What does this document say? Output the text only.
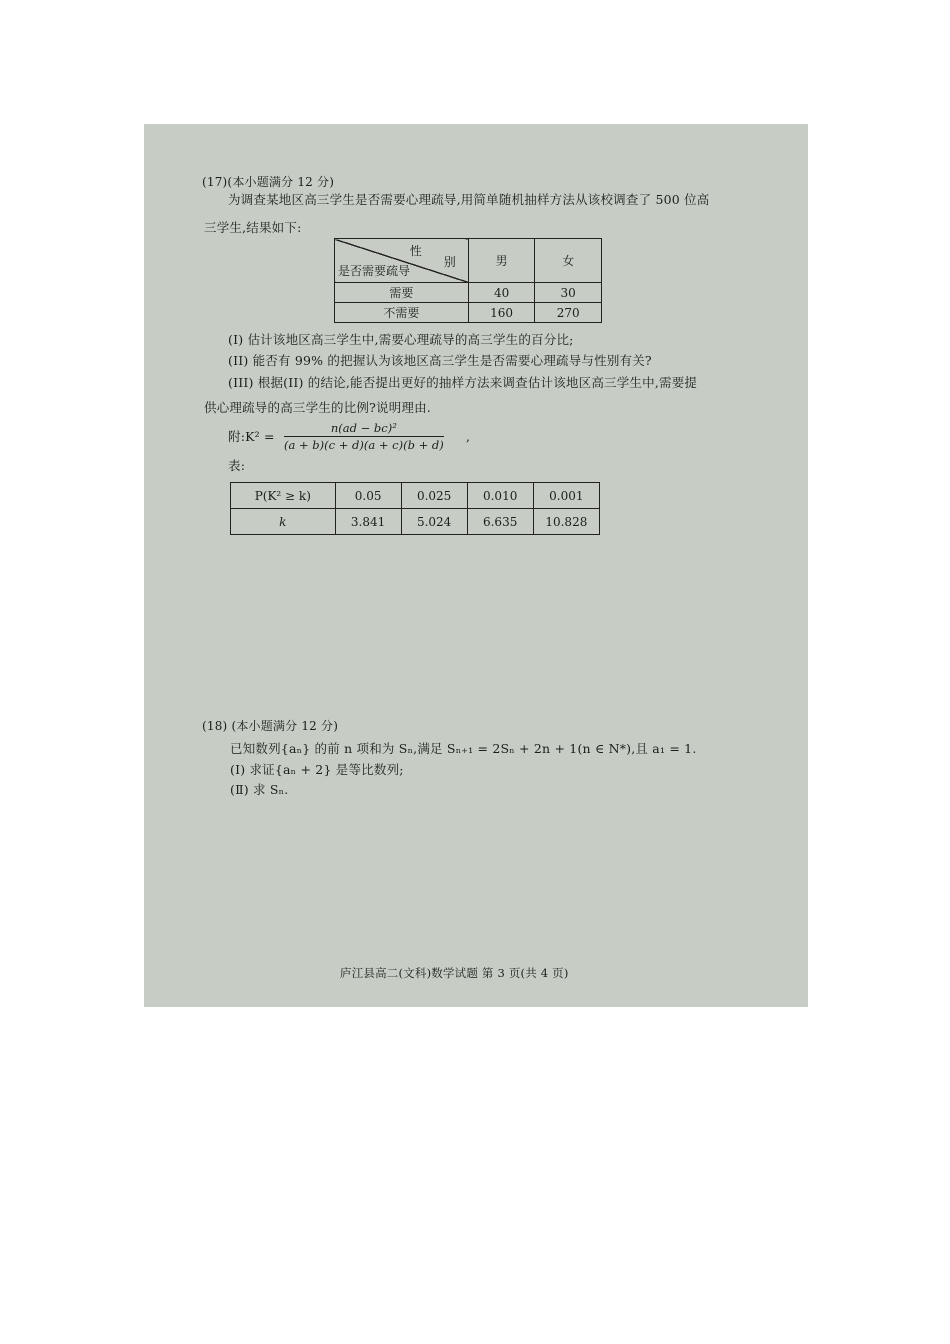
(17)(本小题满分 12 分)
为调查某地区高三学生是否需要心理疏导,用简单随机抽样方法从该校调查了 500 位高
三学生,结果如下:
性
别
是否需要疏导	男	女
需要	40	30
不需要	160	270
(I) 估计该地区高三学生中,需要心理疏导的高三学生的百分比;
(II) 能否有 99% 的把握认为该地区高三学生是否需要心理疏导与性别有关?
(III) 根据(II) 的结论,能否提出更好的抽样方法来调查估计该地区高三学生中,需要提
供心理疏导的高三学生的比例?说明理由.
附:K² = $\frac{\text{n(ad − bc)²}}{(a + b)(c + d)(a + c)(b + d)}$ ,
表:
P(K² ≥ k)	0.05	0.025	0.010	0.001
k	3.841	5.024	6.635	10.828
(18) (本小题满分 12 分)
已知数列{aₙ} 的前 n 项和为 Sₙ,满足 Sₙ₊₁ = 2Sₙ + 2n + 1(n ∈ N*),且 a₁ = 1.
(Ⅰ) 求证{aₙ + 2} 是等比数列;
(Ⅱ) 求 Sₙ.
庐江县高二(文科)数学试题 第 3 页(共 4 页)
